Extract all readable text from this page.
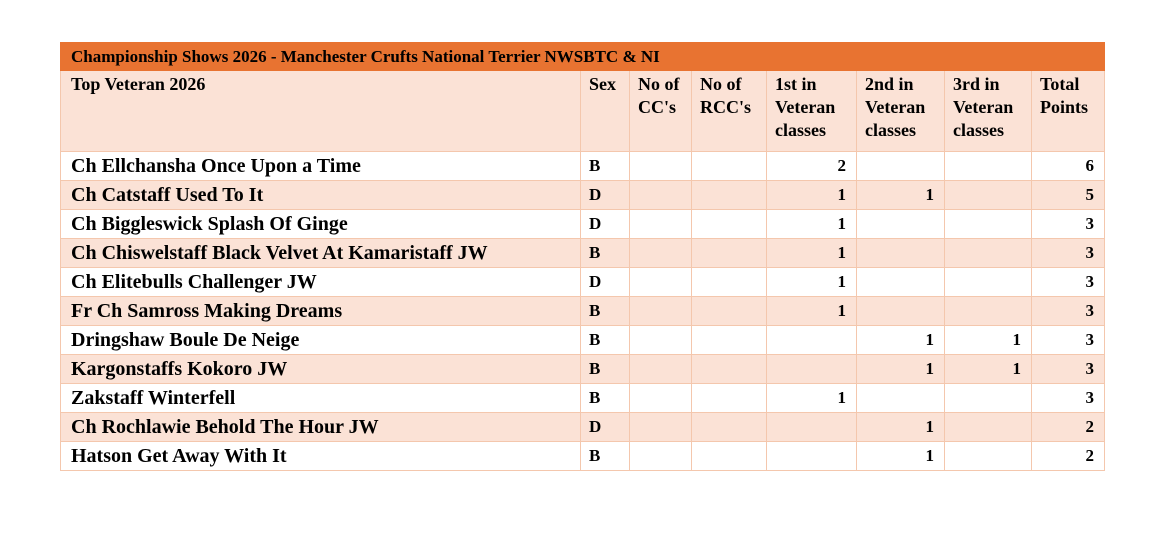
Championship Shows 2026 - Manchester Crufts National Terrier NWSBTC & NI							
Top Veteran 2026	Sex	No of CC's	No of RCC's	1st in Veteran classes	2nd in Veteran classes	3rd in Veteran classes	Total Points
Ch Ellchansha Once Upon a Time	B			2			6
Ch Catstaff Used To It	D			1	1		5
Ch Biggleswick Splash Of Ginge	D			1			3
Ch Chiswelstaff Black Velvet At Kamaristaff JW	B			1			3
Ch Elitebulls Challenger JW	D			1			3
Fr Ch Samross Making Dreams	B			1			3
Dringshaw Boule De Neige	B				1	1	3
Kargonstaffs Kokoro JW	B				1	1	3
Zakstaff Winterfell	B			1			3
Ch Rochlawie Behold The Hour JW	D				1		2
Hatson Get Away With It	B				1		2
